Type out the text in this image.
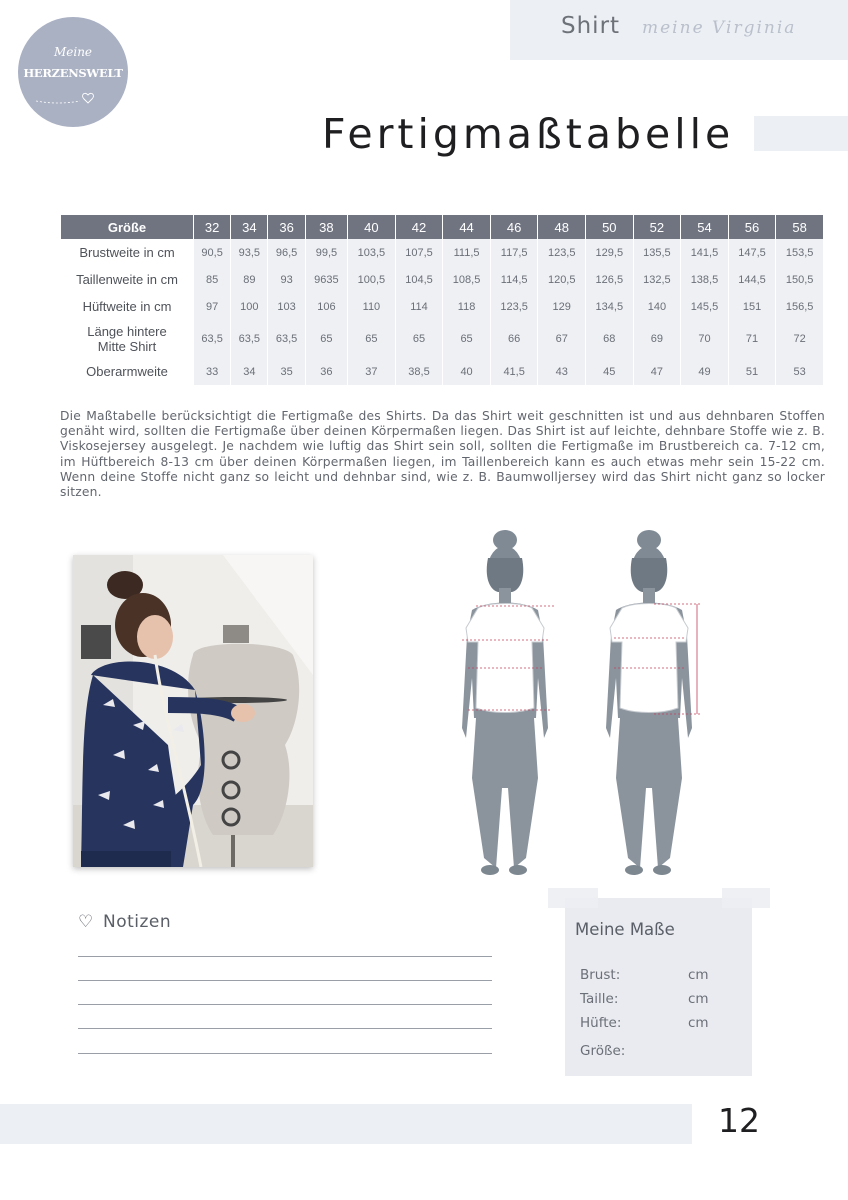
Shirt meine Virginia
Meine
HERZENSWELT
Fertigmaßtabelle
Größe	32	34	36	38	40	42	44	46	48	50	52	54	56	58
Brustweite in cm	90,5	93,5	96,5	99,5	103,5	107,5	111,5	117,5	123,5	129,5	135,5	141,5	147,5	153,5
Taillenweite in cm	85	89	93	9635	100,5	104,5	108,5	114,5	120,5	126,5	132,5	138,5	144,5	150,5
Hüftweite in cm	97	100	103	106	110	114	118	123,5	129	134,5	140	145,5	151	156,5

Länge hintere
Mitte Shirt	63,5	63,5	63,5	65	65	65	65	66	67	68	69	70	71	72
Oberarmweite	33	34	35	36	37	38,5	40	41,5	43	45	47	49	51	53

Die Maßtabelle berücksichtigt die Fertigmaße des Shirts. Da das Shirt weit geschnitten ist und aus dehnbaren Stoffen genäht wird, sollten die Fertigmaße über deinen Körpermaßen liegen. Das Shirt ist auf leichte, dehnbare Stoffe wie z. B. Viskosejersey ausgelegt. Je nachdem wie luftig das Shirt sein soll, sollten die Fertigmaße im Brustbereich ca. 7-12 cm, im Hüftbereich 8-13 cm über deinen Körpermaßen liegen, im Taillenbereich kann es auch etwas mehr sein 15-22 cm. Wenn deine Stoffe nicht ganz so leicht und dehnbar sind, wie z. B. Baumwolljersey wird das Shirt nicht ganz so locker sitzen.

♡ Notizen	Meine Maße
Brust:	cm
Taille:	cm
Hüfte:	cm
Größe:
12
